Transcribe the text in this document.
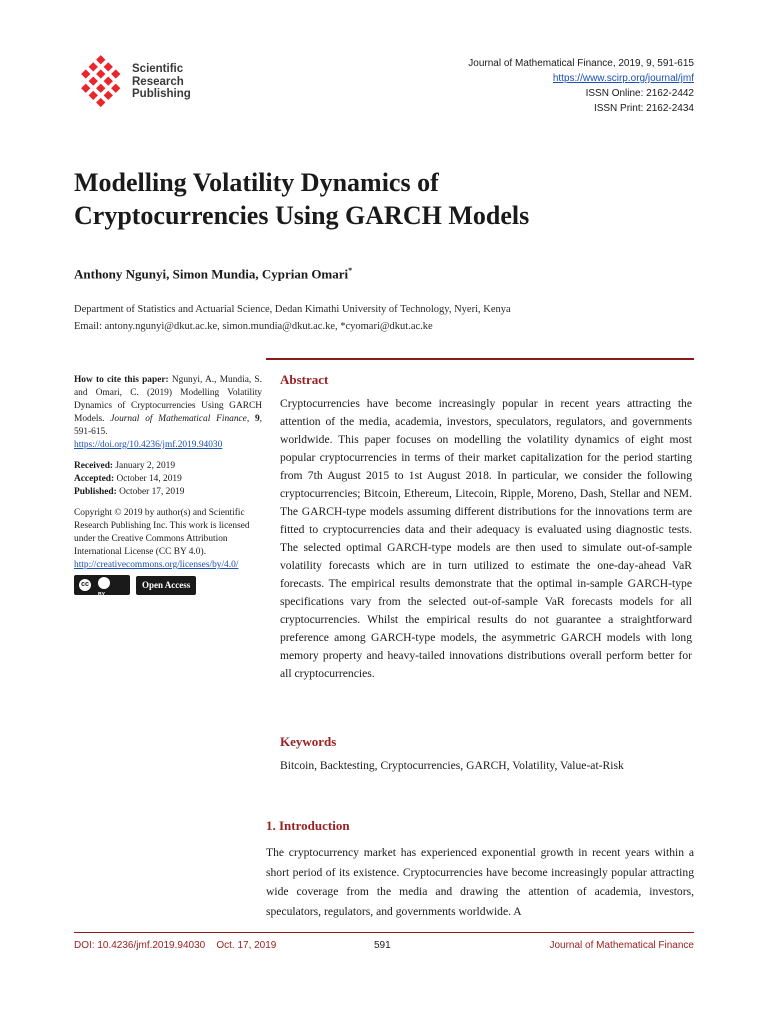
Scientific
Research
Publishing
Journal of Mathematical Finance, 2019, 9, 591-615
https://www.scirp.org/journal/jmf
ISSN Online: 2162-2442
ISSN Print: 2162-2434
Modelling Volatility Dynamics of
Cryptocurrencies Using GARCH Models
Anthony Ngunyi, Simon Mundia, Cyprian Omari*
Department of Statistics and Actuarial Science, Dedan Kimathi University of Technology, Nyeri, Kenya
Email: antony.ngunyi@dkut.ac.ke, simon.mundia@dkut.ac.ke, *cyomari@dkut.ac.ke
How to cite this paper: Ngunyi, A., Mundia, S. and Omari, C. (2019) Modelling Volatility Dynamics of Cryptocurrencies Using GARCH Models. Journal of Mathematical Finance, 9, 591-615.
https://doi.org/10.4236/jmf.2019.94030
Received: January 2, 2019
Accepted: October 14, 2019
Published: October 17, 2019
Copyright © 2019 by author(s) and Scientific Research Publishing Inc. This work is licensed under the Creative Commons Attribution International License (CC BY 4.0).
http://creativecommons.org/licenses/by/4.0/
cc
BY
Open Access
Abstract
Cryptocurrencies have become increasingly popular in recent years attracting the attention of the media, academia, investors, speculators, regulators, and governments worldwide. This paper focuses on modelling the volatility dynamics of eight most popular cryptocurrencies in terms of their market capitalization for the period starting from 7th August 2015 to 1st August 2018. In particular, we consider the following cryptocurrencies; Bitcoin, Ethereum, Litecoin, Ripple, Moreno, Dash, Stellar and NEM. The GARCH-type models assuming different distributions for the innovations term are fitted to cryptocurrencies data and their adequacy is evaluated using diagnostic tests. The selected optimal GARCH-type models are then used to simulate out-of-sample volatility forecasts which are in turn utilized to estimate the one-day-ahead VaR forecasts. The empirical results demonstrate that the optimal in-sample GARCH-type specifications vary from the selected out-of-sample VaR forecasts models for all cryptocurrencies. Whilst the empirical results do not guarantee a straightforward preference among GARCH-type models, the asymmetric GARCH models with long memory property and heavy-tailed innovations distributions overall perform better for all cryptocurrencies.
Keywords
Bitcoin, Backtesting, Cryptocurrencies, GARCH, Volatility, Value-at-Risk
1. Introduction
The cryptocurrency market has experienced exponential growth in recent years within a short period of its existence. Cryptocurrencies have become increasingly popular attracting wide coverage from the media and drawing the attention of academia, investors, speculators, regulators, and governments worldwide. A
DOI: 10.4236/jmf.2019.94030 Oct. 17, 2019	591	Journal of Mathematical Finance
